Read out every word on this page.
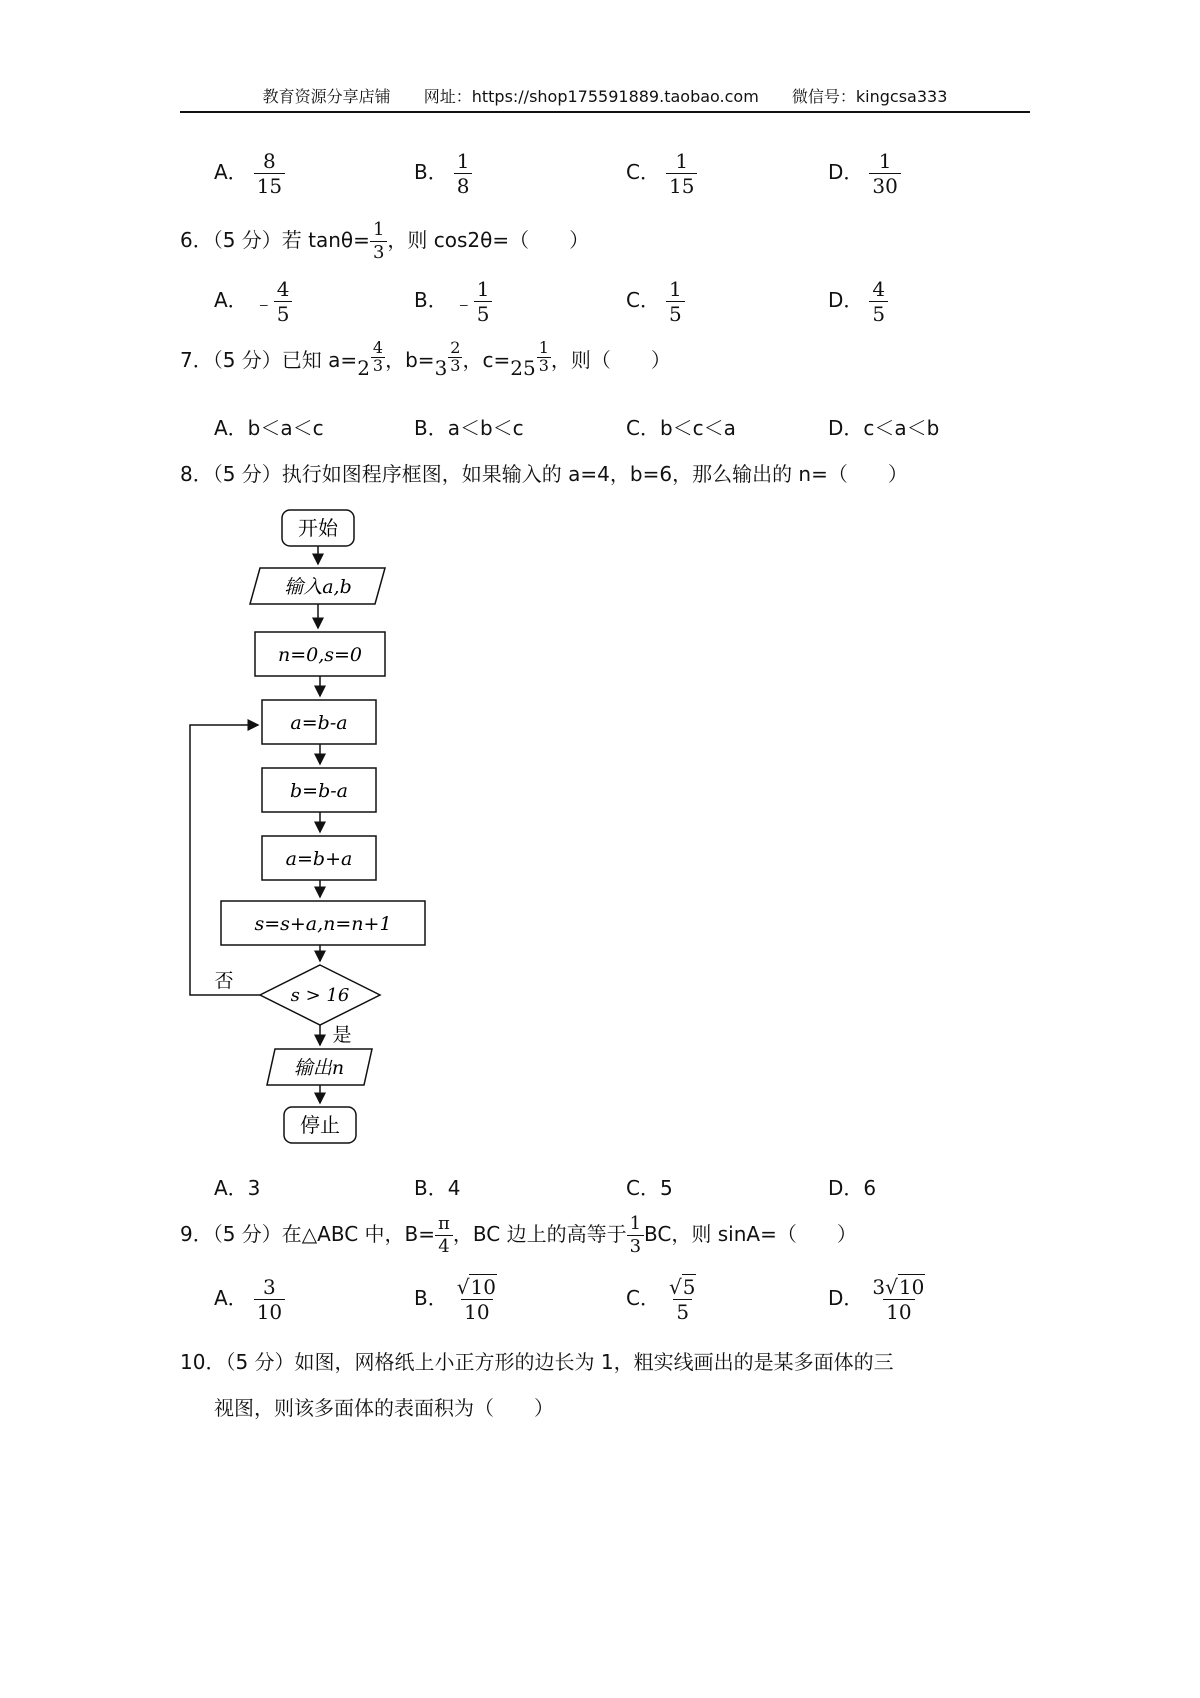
教育资源分享店铺 网址：https://shop175591889.taobao.com 微信号：kingcsa333
A． $\frac{8}{15}$	B． $\frac{1}{8}$	C． $\frac{1}{15}$	D． $\frac{1}{30}$
6．（5 分）若 $\tan\theta= \frac{1}{3}$ ，则 cos2θ=（　　）
A． ﹣ $\frac{4}{5}$	B． ﹣ $\frac{1}{5}$	C． $\frac{1}{5}$	D． $\frac{4}{5}$
7．（5 分）已知 $a=2 \frac{4}{3}$ ，$b=3 \frac{2}{3}$ ，$c=25 \frac{1}{3}$ ，则（　　）
A．b＜a＜c	B．a＜b＜c	C．b＜c＜a	D．c＜a＜b
8．（5 分）执行如图程序框图，如果输入的 a=4，b=6，那么输出的 n=（　　）
开始
输入a,b
n=0,s=0
a=b-a
b=b-a
a=b+a
s=s+a,n=n+1
s > 16
否
是
输出n
停止
A．3	B．4	C．5	D．6
9．（5 分）在△ABC 中，$B= \frac{\pi}{4}$ ，BC 边上的高等于 $\frac{1}{3}$ BC，则 sinA=（　　）
A． $\frac{3}{10}$	B． $\frac{√10}{10}$	C． $\frac{√5}{5}$	D． $\frac{3√10}{10}$
10．（5 分）如图，网格纸上小正方形的边长为 1，粗实线画出的是某多面体的三
视图，则该多面体的表面积为（　　）
